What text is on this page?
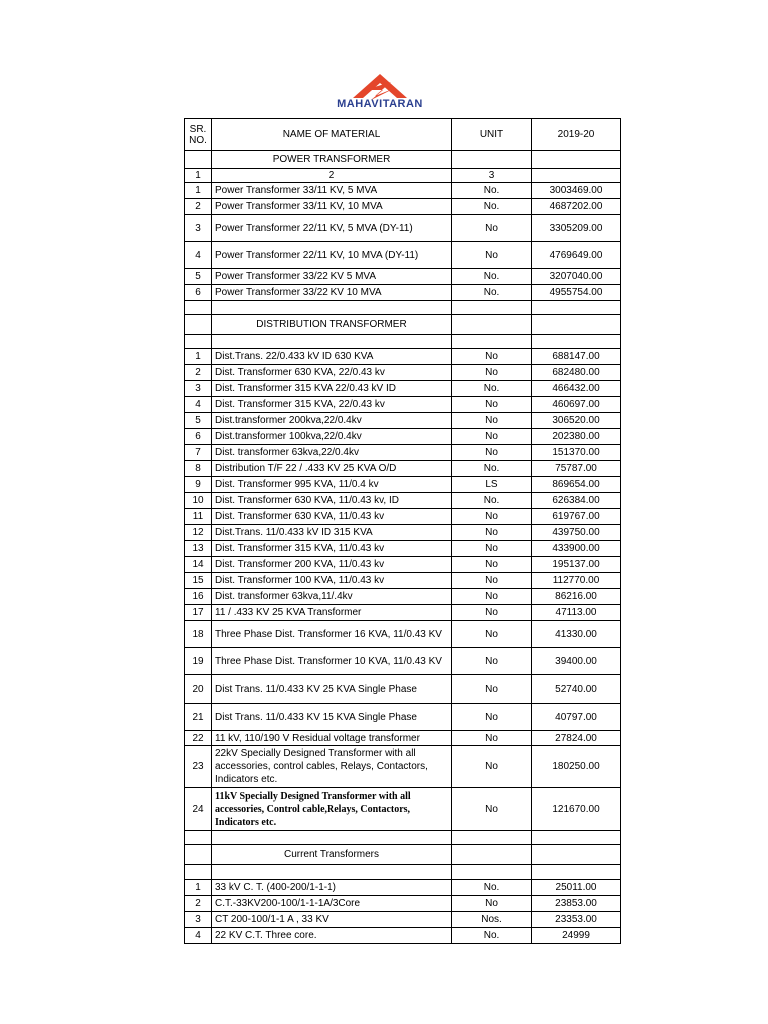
MAHAVITARAN
SR.
NO.	NAME OF MATERIAL	UNIT	2019-20
	POWER TRANSFORMER		
1	2	3	
1	Power Transformer 33/11 KV, 5 MVA	No.	3003469.00
2	Power Transformer 33/11 KV, 10 MVA	No.	4687202.00
3	Power Transformer 22/11 KV, 5 MVA (DY-11)	No	3305209.00
4	Power Transformer 22/11 KV, 10 MVA (DY-11)	No	4769649.00
5	Power Transformer 33/22 KV 5 MVA	No.	3207040.00
6	Power Transformer 33/22 KV 10 MVA	No.	4955754.00

	DISTRIBUTION TRANSFORMER		

1	Dist.Trans. 22/0.433 kV ID 630 KVA	No	688147.00
2	Dist. Transformer 630 KVA, 22/0.43 kv	No	682480.00
3	Dist. Transformer 315 KVA 22/0.43 kV ID	No.	466432.00
4	Dist. Transformer 315 KVA, 22/0.43 kv	No	460697.00
5	Dist.transformer 200kva,22/0.4kv	No	306520.00
6	Dist.transformer 100kva,22/0.4kv	No	202380.00
7	Dist. transformer 63kva,22/0.4kv	No	151370.00
8	Distribution T/F 22 / .433 KV 25 KVA O/D	No.	75787.00
9	Dist. Transformer 995 KVA, 11/0.4 kv	LS	869654.00
10	Dist. Transformer 630 KVA, 11/0.43 kv, ID	No.	626384.00
11	Dist. Transformer 630 KVA, 11/0.43 kv	No	619767.00
12	Dist.Trans. 11/0.433 kV ID 315 KVA	No	439750.00
13	Dist. Transformer 315 KVA, 11/0.43 kv	No	433900.00
14	Dist. Transformer 200 KVA, 11/0.43 kv	No	195137.00
15	Dist. Transformer 100 KVA, 11/0.43 kv	No	112770.00
16	Dist. transformer 63kva,11/.4kv	No	86216.00
17	11 / .433 KV 25 KVA Transformer	No	47113.00
18	Three Phase Dist. Transformer 16 KVA, 11/0.43 KV	No	41330.00
19	Three Phase Dist. Transformer 10 KVA, 11/0.43 KV	No	39400.00
20	Dist Trans. 11/0.433 KV 25 KVA Single Phase	No	52740.00
21	Dist Trans. 11/0.433 KV 15 KVA Single Phase	No	40797.00
22	11 kV, 110/190 V Residual voltage transformer	No	27824.00
23	22kV Specially Designed Transformer with all accessories, control cables, Relays, Contactors, Indicators etc.	No	180250.00
24	11kV Specially Designed Transformer with all accessories, Control cable,Relays, Contactors, Indicators etc.	No	121670.00

	Current Transformers		

1	33 kV C. T. (400-200/1-1-1)	No.	25011.00
2	C.T.-33KV200-100/1-1-1A/3Core	No	23853.00
3	CT 200-100/1-1 A , 33 KV	Nos.	23353.00
4	22 KV C.T. Three core.	No.	24999
